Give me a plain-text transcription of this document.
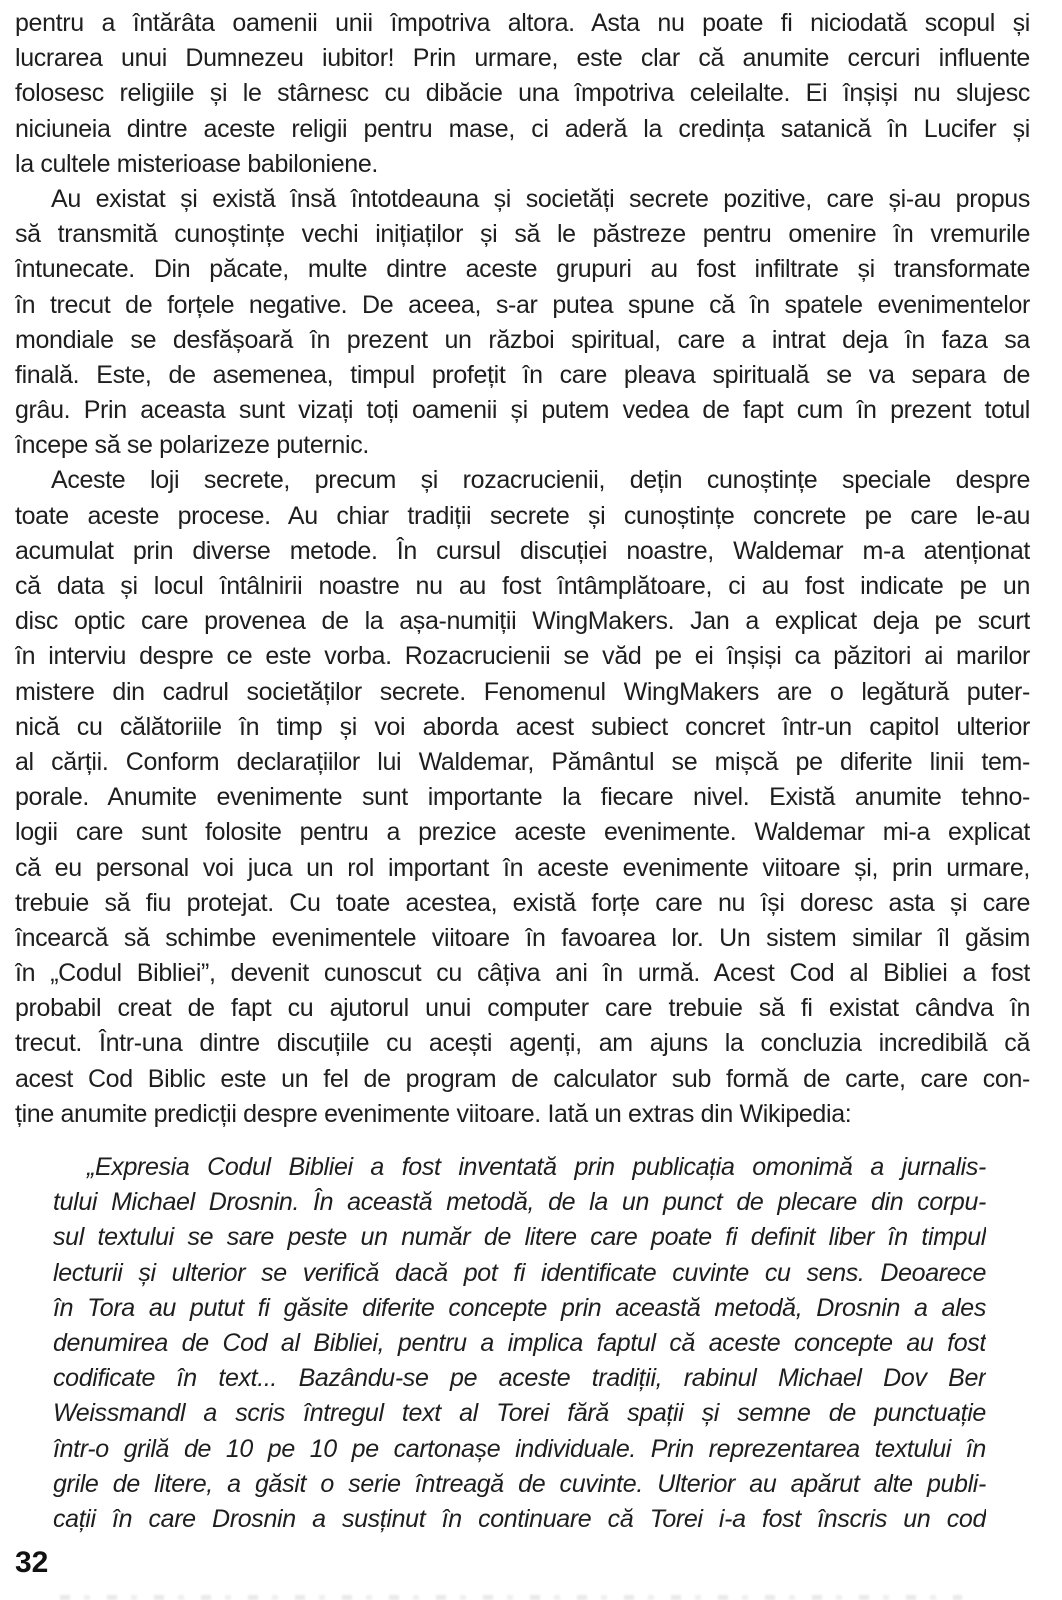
pentru a întărâta oamenii unii împotriva altora. Asta nu poate fi niciodată scopul și
lucrarea unui Dumnezeu iubitor! Prin urmare, este clar că anumite cercuri influente
folosesc religiile și le stârnesc cu dibăcie una împotriva celeilalte. Ei înșiși nu slujesc
niciuneia dintre aceste religii pentru mase, ci aderă la credința satanică în Lucifer și
la cultele misterioase babiloniene.
Au existat și există însă întotdeauna și societăți secrete pozitive, care și-au propus
să transmită cunoștințe vechi inițiaților și să le păstreze pentru omenire în vremurile
întunecate. Din păcate, multe dintre aceste grupuri au fost infiltrate și transformate
în trecut de forțele negative. De aceea, s-ar putea spune că în spatele evenimentelor
mondiale se desfășoară în prezent un război spiritual, care a intrat deja în faza sa
finală. Este, de asemenea, timpul profețit în care pleava spirituală se va separa de
grâu. Prin aceasta sunt vizați toți oamenii și putem vedea de fapt cum în prezent totul
începe să se polarizeze puternic.
Aceste loji secrete, precum și rozacrucienii, dețin cunoștințe speciale despre
toate aceste procese. Au chiar tradiții secrete și cunoștințe concrete pe care le-au
acumulat prin diverse metode. În cursul discuției noastre, Waldemar m-a atenționat
că data și locul întâlnirii noastre nu au fost întâmplătoare, ci au fost indicate pe un
disc optic care provenea de la așa-numiții WingMakers. Jan a explicat deja pe scurt
în interviu despre ce este vorba. Rozacrucienii se văd pe ei înșiși ca păzitori ai marilor
mistere din cadrul societăților secrete. Fenomenul WingMakers are o legătură puter-
nică cu călătoriile în timp și voi aborda acest subiect concret într-un capitol ulterior
al cărții. Conform declarațiilor lui Waldemar, Pământul se mișcă pe diferite linii tem-
porale. Anumite evenimente sunt importante la fiecare nivel. Există anumite tehno-
logii care sunt folosite pentru a prezice aceste evenimente. Waldemar mi-a explicat
că eu personal voi juca un rol important în aceste evenimente viitoare și, prin urmare,
trebuie să fiu protejat. Cu toate acestea, există forțe care nu își doresc asta și care
încearcă să schimbe evenimentele viitoare în favoarea lor. Un sistem similar îl găsim
în „Codul Bibliei”, devenit cunoscut cu câțiva ani în urmă. Acest Cod al Bibliei a fost
probabil creat de fapt cu ajutorul unui computer care trebuie să fi existat cândva în
trecut. Într-una dintre discuțiile cu acești agenți, am ajuns la concluzia incredibilă că
acest Cod Biblic este un fel de program de calculator sub formă de carte, care con-
ține anumite predicții despre evenimente viitoare. Iată un extras din Wikipedia:
„Expresia Codul Bibliei a fost inventată prin publicația omonimă a jurnalis-
tului Michael Drosnin. În această metodă, de la un punct de plecare din corpu-
sul textului se sare peste un număr de litere care poate fi definit liber în timpul
lecturii și ulterior se verifică dacă pot fi identificate cuvinte cu sens. Deoarece
în Tora au putut fi găsite diferite concepte prin această metodă, Drosnin a ales
denumirea de Cod al Bibliei, pentru a implica faptul că aceste concepte au fost
codificate în text... Bazându-se pe aceste tradiții, rabinul Michael Dov Ber
Weissmandl a scris întregul text al Torei fără spații și semne de punctuație
într-o grilă de 10 pe 10 pe cartonașe individuale. Prin reprezentarea textului în
grile de litere, a găsit o serie întreagă de cuvinte. Ulterior au apărut alte publi-
cații în care Drosnin a susținut în continuare că Torei i-a fost înscris un cod
32
